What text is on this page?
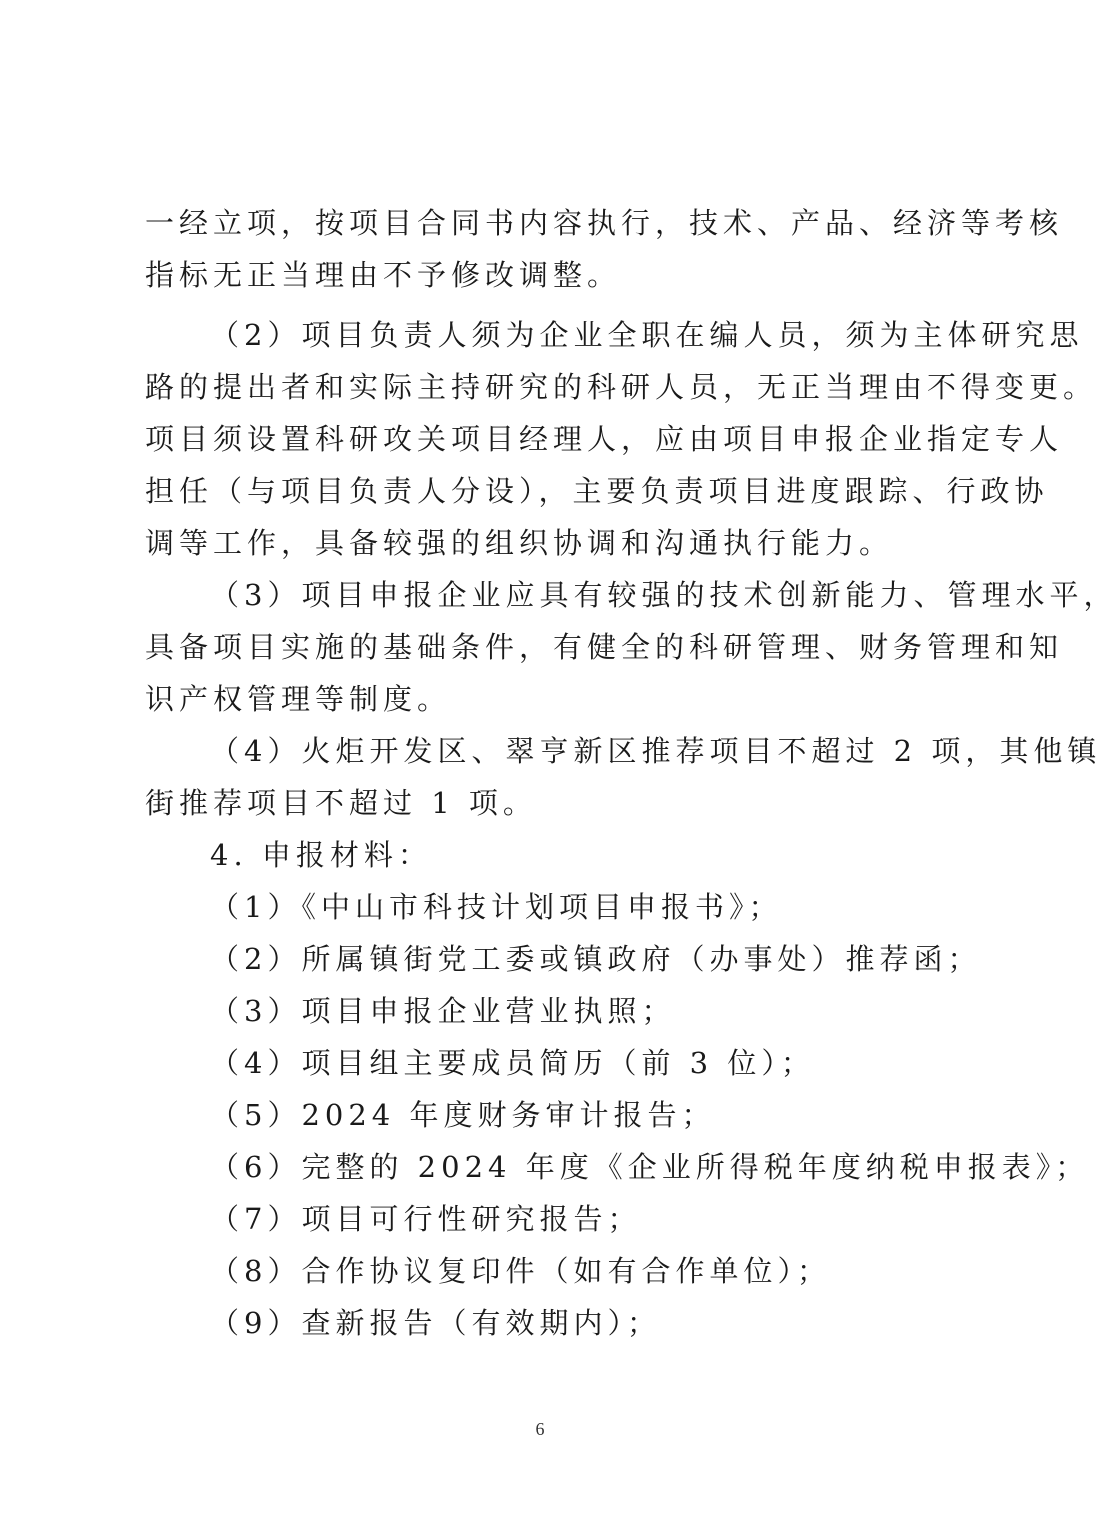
一经立项，按项目合同书内容执行，技术、产品、经济等考核
指标无正当理由不予修改调整。
（2）项目负责人须为企业全职在编人员，须为主体研究思
路的提出者和实际主持研究的科研人员，无正当理由不得变更。
项目须设置科研攻关项目经理人，应由项目申报企业指定专人
担任（与项目负责人分设），主要负责项目进度跟踪、行政协
调等工作，具备较强的组织协调和沟通执行能力。
（3）项目申报企业应具有较强的技术创新能力、管理水平，
具备项目实施的基础条件，有健全的科研管理、财务管理和知
识产权管理等制度。
（4）火炬开发区、翠亨新区推荐项目不超过 2 项，其他镇
街推荐项目不超过 1 项。
4. 申报材料：
（1）《中山市科技计划项目申报书》；
（2）所属镇街党工委或镇政府（办事处）推荐函；
（3）项目申报企业营业执照；
（4）项目组主要成员简历（前 3 位）；
（5）2024 年度财务审计报告；
（6）完整的 2024 年度《企业所得税年度纳税申报表》；
（7）项目可行性研究报告；
（8）合作协议复印件（如有合作单位）；
（9）查新报告（有效期内）；
6
